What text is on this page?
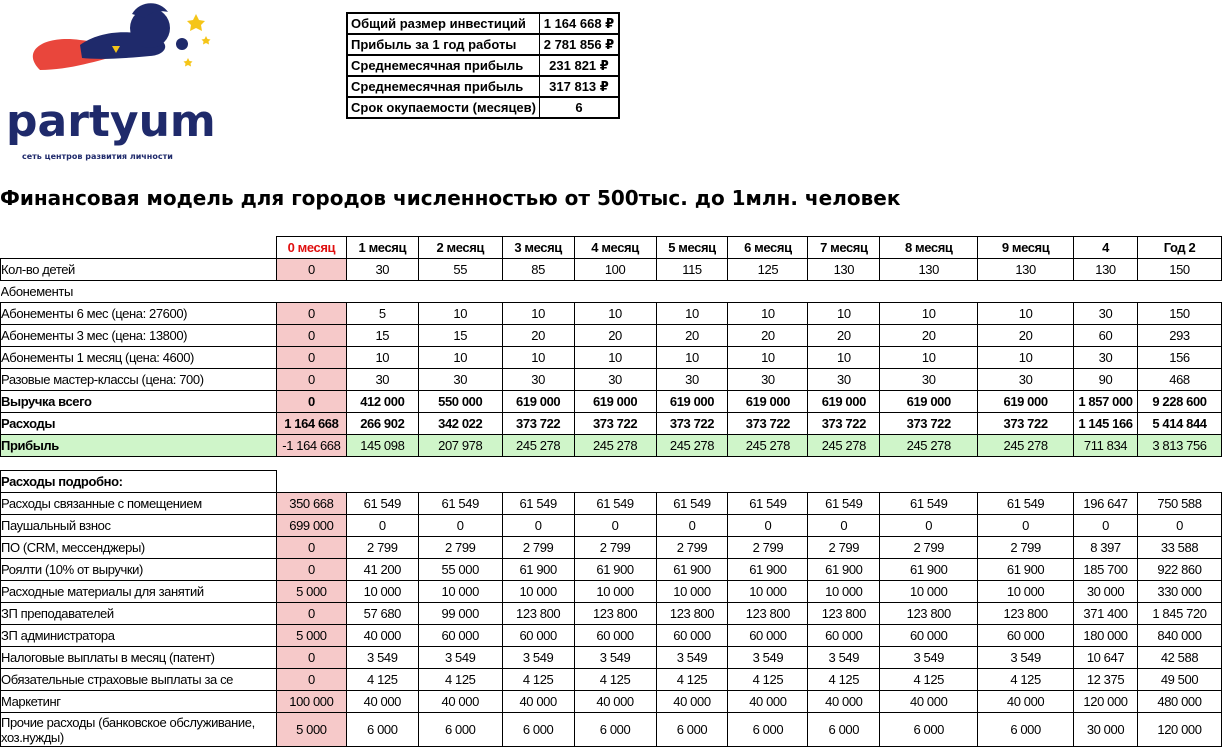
partyum
сеть центров развития личности
Общий размер инвестиций	1 164 668 ₽
Прибыль за 1 год работы	2 781 856 ₽
Среднемесячная прибыль	231 821 ₽
Среднемесячная прибыль	317 813 ₽
Срок окупаемости (месяцев)	6
Финансовая модель для городов численностью от 500тыс. до 1млн. человек
	0 месяц	1 месяц	2 месяц	3 месяц	4 месяц	5 месяц	6 месяц	7 месяц	8 месяц	9 месяц	4	Год 2
Кол-во детей	0	30	55	85	100	115	125	130	130	130	130	150
Абонементы												
Абонементы 6 мес (цена: 27600)	0	5	10	10	10	10	10	10	10	10	30	150
Абонементы 3 мес (цена: 13800)	0	15	15	20	20	20	20	20	20	20	60	293
Абонементы 1 месяц (цена: 4600)	0	10	10	10	10	10	10	10	10	10	30	156
Разовые мастер-классы (цена: 700)	0	30	30	30	30	30	30	30	30	30	90	468
Выручка всего	0	412 000	550 000	619 000	619 000	619 000	619 000	619 000	619 000	619 000	1 857 000	9 228 600
Расходы	1 164 668	266 902	342 022	373 722	373 722	373 722	373 722	373 722	373 722	373 722	1 145 166	5 414 844
Прибыль	-1 164 668	145 098	207 978	245 278	245 278	245 278	245 278	245 278	245 278	245 278	711 834	3 813 756

Расходы подробно:												
Расходы связанные с помещением	350 668	61 549	61 549	61 549	61 549	61 549	61 549	61 549	61 549	61 549	196 647	750 588
Паушальный взнос	699 000	0	0	0	0	0	0	0	0	0	0	0
ПО (CRM, мессенджеры)	0	2 799	2 799	2 799	2 799	2 799	2 799	2 799	2 799	2 799	8 397	33 588
Роялти (10% от выручки)	0	41 200	55 000	61 900	61 900	61 900	61 900	61 900	61 900	61 900	185 700	922 860
Расходные материалы для занятий	5 000	10 000	10 000	10 000	10 000	10 000	10 000	10 000	10 000	10 000	30 000	330 000
ЗП преподавателей	0	57 680	99 000	123 800	123 800	123 800	123 800	123 800	123 800	123 800	371 400	1 845 720
ЗП администратора	5 000	40 000	60 000	60 000	60 000	60 000	60 000	60 000	60 000	60 000	180 000	840 000
Налоговые выплаты в месяц (патент)	0	3 549	3 549	3 549	3 549	3 549	3 549	3 549	3 549	3 549	10 647	42 588
Обязательные страховые выплаты за се	0	4 125	4 125	4 125	4 125	4 125	4 125	4 125	4 125	4 125	12 375	49 500
Маркетинг	100 000	40 000	40 000	40 000	40 000	40 000	40 000	40 000	40 000	40 000	120 000	480 000
Прочие расходы (банковское обслуживание, хоз.нужды)	5 000	6 000	6 000	6 000	6 000	6 000	6 000	6 000	6 000	6 000	30 000	120 000
